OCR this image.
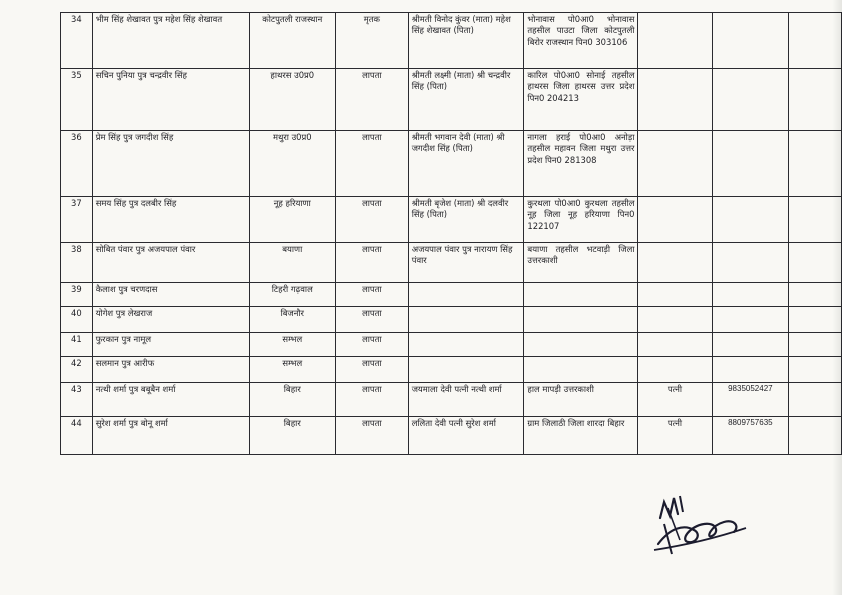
34	भीम सिंह शेखावत पुत्र महेश सिंह शेखावत	कोटपुतली राजस्थान	मृतक	श्रीमती विनोद कुंवर (माता) महेश सिंह शेखावत (पिता)	भोनावास पो0आ0 भोनावास तहसील पाउटा जिला कोटपुतली बिरोर राजस्थान पिन0 303106			
35	सचिन पुनिया पुत्र चन्द्रवीर सिंह	हाथरस उ0प्र0	लापता	श्रीमती लक्ष्मी (माता) श्री चन्द्रवीर सिंह (पिता)	कारिल पो0आ0 सोनाई तहसील हाथरस जिला हाथरस उत्तर प्रदेश पिन0 204213			
36	प्रेम सिंह पुत्र जगदीश सिंह	मथुरा उ0प्र0	लापता	श्रीमती भगवान देवी (माता) श्री जगदीश सिंह (पिता)	नागला हराई पो0आ0 अनोड़ा तहसील महावन जिला मथुरा उत्तर प्रदेश पिन0 281308			
37	समय सिंह पुत्र दलबीर सिंह	नूह हरियाणा	लापता	श्रीमती बृजेश (माता) श्री दलवीर सिंह (पिता)	कुरथला पो0आ0 कुरथला तहसील नूह जिला नूह हरियाणा पिन0 122107			
38	सोबित पंवार पुत्र अजयपाल पंवार	बयाणा	लापता	अजयपाल पंवार पुत्र नारायण सिंह पंवार	बयाणा तहसील भटवाड़ी जिला उत्तरकाशी			
39	कैलाश पुत्र चरणदास	टिहरी गढ़वाल	लापता					
40	योगेश पुत्र लेखराज	बिजनौर	लापता					
41	फुरकान पुत्र नामूल	सम्भल	लापता					
42	सलमान पुत्र आरीफ	सम्भल	लापता					
43	नत्थी शर्मा पुत्र बबूबैन शर्मा	बिहार	लापता	जयमाला देवी पत्नी नत्थी शर्मा	हाल मापड़ी उत्तरकाशी	पत्नी	9835052427	
44	सुरेश शर्मा पुत्र बोनू शर्मा	बिहार	लापता	ललिता देवी पत्नी सुरेश शर्मा	ग्राम जिलाठी जिला शारदा बिहार	पत्नी	8809757635	
